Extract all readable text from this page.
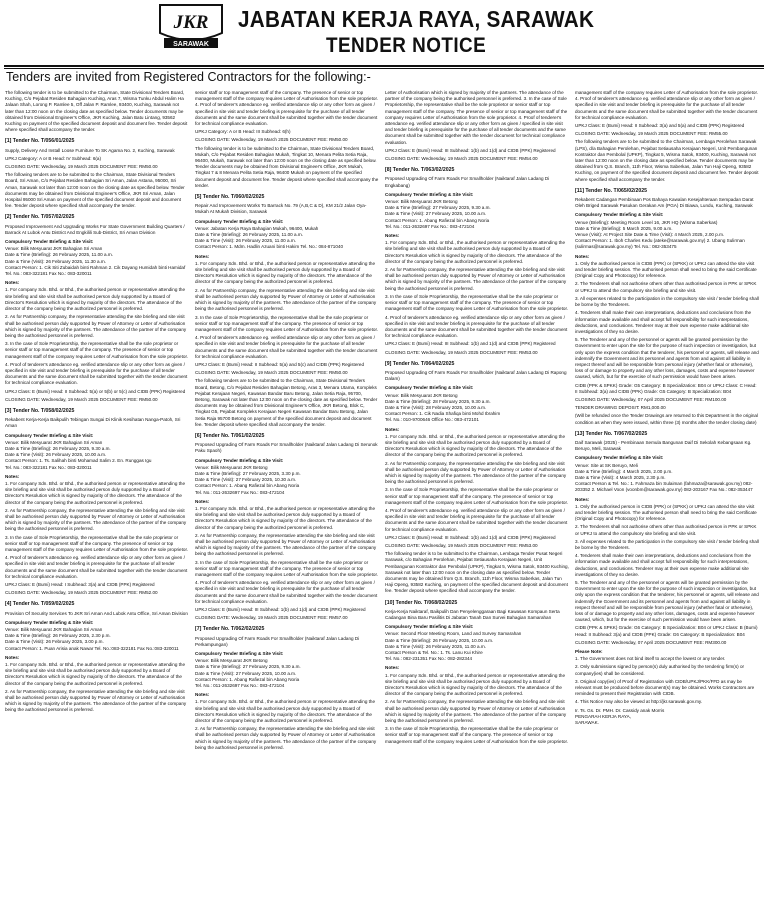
JKR
SARAWAK
JABATAN KERJA RAYA, SARAWAK
TENDER NOTICE
Tenders are invited from Registered Contractors for the following:-

The following tender is to be submitted to the Chairman, State Divisional Tenders Board, Kuching, C/o Pejabat Residen Bahagian Kuching, Aras 7, Wisma Tunku Abdul Halim Ha Jalaan Shah, Lorong P. Ramlee 5, Off Jalan P. Ramlee, 93400, Kuching, Sarawak not later than 12:00 noon on the closing date as specified below. Tender documents may be obtained from Divisional Engineer's Office, JKR Kuching, Jalan Batu Lintang, 93562 Kuching on payment of the specified document deposit and document fee. Tender deposit where specified shall accompany the tender.

[1] Tender No. T/056/01/2025

Supply, Delivery And Install Loose Furniture To SK Agama No. 2, Kuching, Sarawak

UPKJ Category: A or B Head: IV Subhead: 6(a)

CLOSING DATE: Wednesday, 19 March 2025 DOCUMENT FEE: RM50.00

The following tenders are to be submitted to the Chairman, State Divisional Tenders Board, Sri Aman, C/o Pejabat Residen Bahagian Sri Aman, Jalan Astana, 95000, Sri Aman, Sarawak not later than 12:00 noon on the closing date as specified below. Tender documents may be obtained from Divisional Engineer's Office, JKR Sri Aman, Jalan Hospital 95000 Sri Aman on payment of the specified document deposit and document fee. Tender deposit where specified shall accompany the tender.

[2] Tender No. T/057/02/2025

Proposed Improvement And Upgrading Works For State Government Building Quarters / Barrack At Lubok Antu District And Engkilili Sub-District, Sri Aman Division

Compulsory Tender Briefing & Site Visit:
Venue: Bilik Mesyuarat JKR Bahagian Sri Aman
Date & Time (Briefing): 26 February 2025, 11.00 a.m.
Date & Time (Visit): 26 February 2025, 11.30 a.m.
Contact Person: 1. Cik Siti Zubaidah binti Rahman 2. Cik Dayang Humidah binti Hamidaf
Tel. No.: 083-322181 Fax No.: 083-320011
Notes:

1. For company Sdn. Bhd. or Bhd., the authorised person or representative attending the site briefing and site visit shall be authorised person duly supported by a Board of Director's Resolution which is signed by majority of the directors. The attendance of the director of the company being the authorized personnel is preferred.

2. As for Partnership company, the representative attending the site briefing and site visit shall be authorised person duly supported by Power of Attorney or Letter of Authorisation which is signed by majority of the partners. The attendance of the partner of the company being the authorised personnel is preferred.

3. In the case of Sole Proprietorship, the representative shall be the sole proprietor or senior staff or top management staff of the company. The presence of senior or top management staff of the company requires Letter of Authorisation from the sole proprietor.

4. Proof of tenderer's attendance eg. verified attendance slip or any other form as given / specified in site visit and tender briefing is prerequisite for the purchase of all tender documents and the same document shall be submitted together with the tender document for technical compliance evaluation.

UPKJ Class: E (Bumi) Head: II Subhead: 5(a) or 5(b) or 5(c) and CIDB (PPK) Registered

CLOSING DATE: Wednesday, 19 March 2025 DOCUMENT FEE: RM50.00

[3] Tender No. T/058/02/2025

Rekabent Kerja-Kerja Baikpulih Tebingan Sungai Di Klinik Kesihatan Nanga-Patoh, Sri Aman

Compulsory Tender Briefing & Site Visit:
Venue: Bilik Mesyuarat JKR Bahagian Sri Aman
Date & Time (Briefing): 26 February 2025, 9.30 a.m.
Date & Time (Visit): 26 February 2025, 10.00 a.m.
Contact Person: 1. Ts. Salihah binti Mohamad Salim 2. En. Runggas Igu
Tel. No.: 083-322181 Fax No.: 083-320011
Notes:

1. For company Sdn. Bhd. or Bhd., the authorised person or representative attending the site briefing and site visit shall be authorised person duly supported by a Board of Director's Resolution which is signed by majority of the directors. The attendance of the director of the company being the authorized personnel is preferred.

2. As for Partnership company, the representative attending the site briefing and site visit shall be authorised person duly supported by Power of Attorney or Letter of Authorisation which is signed by majority of the partners. The attendance of the partner of the company being the authorised personnel is preferred.

3. In the case of Sole Proprietorship, the representative shall be the sole proprietor or senior staff or top management staff of the company. The presence of senior or top management staff of the company requires Letter of Authorisation from the sole proprietor.

4. Proof of tenderer's attendance eg. verified attendance slip or any other form as given / specified in site visit and tender briefing is prerequisite for the purchase of all tender documents and the same document shall be submitted together with the tender document for technical compliance evaluation.

UPKJ Class: E (Bumi) Head: I Subhead: 3(a) and CIDB (PPK) Registered

CLOSING DATE: Wednesday, 19 March 2025 DOCUMENT FEE: RM52.00

[4] Tender No. T/059/02/2025

Provision Of Security Services To JKR Sri Aman And Lubok Antu Office, Sri Aman Division

Compulsory Tender Briefing & Site Visit:
Venue: Bilik Mesyuarat JKR Bahagian Sri Aman
Date & Time (Briefing): 26 February 2025, 2.30 p.m.
Date & Time (Visit): 26 February 2025, 3.00 p.m.
Contact Person: 1. Puan Arisia anak Nawar Tel. No.:083-322181 Fax No.:083-320011
Notes:

1. For company Sdn. Bhd. or Bhd., the authorised person or representative attending the site briefing and site visit shall be authorised person duly supported by a Board of Director's Resolution which is signed by majority of the directors. The attendance of the director of the company being the authorized personnel is preferred.

2. As for Partnership company, the representative attending the site briefing and site visit shall be authorised person duly supported by Power of Attorney or Letter of Authorisation which is signed by majority of the partners. The attendance of the partner of the company being the authorised personnel is preferred.

senior staff or top management staff of the company. The presence of senior or top management staff of the company requires Letter of Authorisation from the sole proprietor. 4. Proof of tenderer's attendance eg. verified attendance slip or any other form as given / specified in site visit and tender briefing is prerequisite for the purchase of all tender documents and the same document shall be submitted together with the tender document for technical compliance evaluation.

UPKJ Category: A or B Head: III Subhead: 6(h)

CLOSING DATE: Wednesday, 19 March 2025 DOCUMENT FEE: RM50.00

The following tender is to be submitted to the Chairman, State Divisional Tenders Board, Mukah, C/o Pejabat Residen Bahagian Mukah, Tingkat 10, Menara Pelita Setia Raja, 96400, Mukah, Sarawak not later than 12:00 noon on the closing date as specified below. Tender documents may be obtained from Divisional Engineer's Office, JKR Mukah, Tingkat 7 & 8 Menara Pelita Setia Raja, 96400 Mukah on payment of the specified document deposit and document fee. Tender deposit where specified shall accompany the tender.

[5] Tender No. T/060/02/2025

Repair And Improvement Works To Barrack No. 79 (A,B,C & D), KM 21/2 Jalan Oya-Mukah At Mukah Division, Sarawak

Compulsory Tender Briefing & Site Visit:
Venue: Jabatan Kerja Raya Bahagian Mukah, 96400, Mukah
Date & Time (Briefing): 26 February 2025, 11.00 a.m.
Date & Time (Visit): 26 February 2025, 11.00 a.m.
Contact Person: 1. Mdm. Hadlin Azuani binti Hakim Tel. No.: 084-871040
Notes:

1. For company Sdn. Bhd. or Bhd., the authorised person or representative attending the site briefing and site visit shall be authorised person duly supported by a Board of Director's Resolution which is signed by majority of the directors. The attendance of the director of the company being the authorized personnel is preferred.

2. As for Partnership company, the representative attending the site briefing and site visit shall be authorised person duly supported by Power of Attorney or Letter of Authorisation which is signed by majority of the partners. The attendance of the partner of the company being the authorised personnel is preferred.

3. In the case of Sole Proprietorship, the representative shall be the sole proprietor or senior staff or top management staff of the company. The presence of senior or top management staff of the company requires Letter of Authorisation from the sole proprietor.

4. Proof of tenderer's attendance eg. verified attendance slip or any other form as given / specified in site visit and tender briefing is prerequisite for the purchase of all tender documents and the same document shall be submitted together with the tender document for technical compliance evaluation.

UPKJ Class: E (Bumi) Head: II Subhead: 5(a) and 5(c) and CIDB (PPK) Registered

CLOSING DATE: Wednesday, 19 March 2025 DOCUMENT FEE: RM50.00

The following tenders are to be submitted to the Chairman, State Divisional Tenders Board, Betong, C/o Pejabat Residen Bahagian Betong, Aras 3, Menara Utama, Kompleks Pejabat Kerajaan Negeri, Kawasan Bandar Baru Betong, Jalan Setia Raja, 95700, Betong, Sarawak not later than 12:00 noon on the closing date as specified below. Tender documents may be obtained from Divisional Engineer's Office, JKR Betong, Blok C, Tingkat G5, Pejabat Kompleks Kerajaan Negeri Kawasan Bandar Baru Betong, Jalan Setia Raja 95700 Betong on payment of the specified document deposit and document fee. Tender deposit where specified shall accompany the tender.

[6] Tender No. T/061/02/2025

Proposed Upgrading Of Farm Roads For Smallholder (Naiktaraf Jalan Ladang Di Serunok Paku Spaoh)

Compulsory Tender Briefing & Site Visit:
Venue: Bilik Mesyuarat JKR Betong
Date & Time (Briefing): 27 February 2025, 3.30 p.m.
Date & Time (Visit): 27 February 2025, 10.30 a.m.
Contact Person: 1. Abang Rafiezal bin Abang Noria
Tel. No.: 011-2632697 Fax No.: 083-472104
Notes:

1. For company Sdn. Bhd. or Bhd., the authorised person or representative attending the site briefing and site visit shall be authorised person duly supported by a Board of Director's Resolution which is signed by majority of the directors. The attendance of the director of the company being the authorized personnel is preferred.

2. As for Partnership company, the representative attending the site briefing and site visit shall be authorised person duly supported by Power of Attorney or Letter of Authorisation which is signed by majority of the partners. The attendance of the partner of the company being the authorised personnel is preferred.

3. In the case of Sole Proprietorship, the representative shall be the sole proprietor or senior staff or top management staff of the company. The presence of senior or top management staff of the company requires Letter of Authorisation from the sole proprietor.

4. Proof of tenderer's attendance eg. verified attendance slip or any other form as given / specified in site visit and tender briefing is prerequisite for the purchase of all tender documents and the same document shall be submitted together with the tender document for technical compliance evaluation.

UPKJ Class: E (Bumi) Head: III Subhead: 1(b) and 1(d) and CIDB (PPK) Registered

CLOSING DATE: Wednesday, 19 March 2025 DOCUMENT FEE: RM57.00

[7] Tender No. T/062/02/2025

Proposed Upgrading Of Farm Roads For Smallholder (Naiktaraf Jalan Ladang Di Perkampungan)

Compulsory Tender Briefing & Site Visit:
Venue: Bilik Mesyuarat JKR Betong
Date & Time (Briefing): 27 February 2025, 9.30 a.m.
Date & Time (Visit): 27 February 2025, 10.00 a.m.
Contact Person: 1. Abang Rafiezal bin Abang Noria
Tel. No.: 011-2632697 Fax No.: 083-472104
Notes:

1. For company Sdn. Bhd. or Bhd., the authorised person or representative attending the site briefing and site visit shall be authorised person duly supported by a Board of Director's Resolution which is signed by majority of the directors. The attendance of the director of the company being the authorized personnel is preferred.

2. As for Partnership company, the representative attending the site briefing and site visit shall be authorised person duly supported by Power of Attorney or Letter of Authorisation which is signed by majority of the partners. The attendance of the partner of the company being the authorised personnel is preferred.

Letter of Authorisation which is signed by majority of the partners. The attendance of the partner of the company being the authorised personnel is preferred. 3. In the case of Sole Proprietorship, the representative shall be the sole proprietor or senior staff or top management staff of the company. The presence of senior or top management staff of the company requires Letter of Authorisation from the sole proprietor. 4. Proof of tenderer's attendance eg. verified attendance slip or any other form as given / specified in site visit and tender briefing is prerequisite for the purchase of all tender documents and the same document shall be submitted together with the tender document for technical compliance evaluation.

UPKJ Class: E (Bumi) Head: III Subhead: 1(b) and 1(d) and CIDB (PPK) Registered

CLOSING DATE: Wednesday, 19 March 2025 DOCUMENT FEE: RM54.00

[8] Tender No. T/063/02/2025

Proposed Upgrading Of Farm Roads For Smallholder (Naiktaraf Jalan Ladang Di Engkabang)

Compulsory Tender Briefing & Site Visit:
Venue: Bilik Mesyuarat JKR Betong
Date & Time (Briefing): 27 February 2025, 9.30 a.m.
Date & Time (Visit): 27 February 2025, 10.00 a.m.
Contact Person: 1. Abang Rafiezal bin Abang Noria
Tel. No.: 011-2632697 Fax No.: 083-472104
Notes:

1. For company Sdn. Bhd. or Bhd., the authorised person or representative attending the site briefing and site visit shall be authorised person duly supported by a Board of Director's Resolution which is signed by majority of the directors. The attendance of the director of the company being the authorized personnel is preferred.

2. As for Partnership company, the representative attending the site briefing and site visit shall be authorised person duly supported by Power of Attorney or Letter of Authorisation which is signed by majority of the partners. The attendance of the partner of the company being the authorised personnel is preferred.

3. In the case of Sole Proprietorship, the representative shall be the sole proprietor or senior staff or top management staff of the company. The presence of senior or top management staff of the company requires Letter of Authorisation from the sole proprietor.

4. Proof of tenderer's attendance eg. verified attendance slip or any other form as given / specified in site visit and tender briefing is prerequisite for the purchase of all tender documents and the same document shall be submitted together with the tender document for technical compliance evaluation.

UPKJ Class: E (Bumi) Head: III Subhead: 1(b) and 1(d) and CIDB (PPK) Registered

CLOSING DATE: Wednesday, 19 March 2025 DOCUMENT FEE: RM53.00

[9] Tender No. T/064/02/2025

Proposed Upgrading Of Farm Roads For Smallholder (Naiktaraf Jalan Ladang Di Rapong Dalam)

Compulsory Tender Briefing & Site Visit:
Venue: Bilik Mesyuarat JKR Betong
Date & Time (Briefing): 28 February 2025, 9.30 a.m.
Date & Time (Visit): 28 February 2025, 10.00 a.m.
Contact Person: 1. Cik Nadia Shafiqa binti Mohd Ibrahim
Tel. No.: 010-9700646 Office No.: 083-472101
Notes:

1. For company Sdn. Bhd. or Bhd., the authorised person or representative attending the site briefing and site visit shall be authorised person duly supported by a Board of Director's Resolution which is signed by majority of the directors. The attendance of the director of the company being the authorized personnel is preferred.

2. As for Partnership company, the representative attending the site briefing and site visit shall be authorised person duly supported by Power of Attorney or Letter of Authorisation which is signed by majority of the partners. The attendance of the partner of the company being the authorised personnel is preferred.

3. In the case of Sole Proprietorship, the representative shall be the sole proprietor or senior staff or top management staff of the company. The presence of senior or top management staff of the company requires Letter of Authorisation from the sole proprietor.

4. Proof of tenderer's attendance eg. verified attendance slip or any other form as given / specified in site visit and tender briefing is prerequisite for the purchase of all tender documents and the same document shall be submitted together with the tender document for technical compliance evaluation.

UPKJ Class: E (Bumi) Head: III Subhead: 1(b) and 1(d) and CIDB (PPK) Registered

CLOSING DATE: Wednesday, 19 March 2025 DOCUMENT FEE: RM53.00

The following tender is to be submitted to the Chairman, Lembaga Tender Pusat Negeri Sarawak, c/o Bahagian Perolehan, Pejabat Setiausaha Kerajaan Negeri, Unit Pembangunan Kontraktor dan Pembolal (UPKP), Tingkat 5, Wisma Satok, 93400 Kuching, Sarawak not later than 12:00 noon on the closing date as specified below. Tender documents may be obtained from Q.S. Branch, 11th Floor, Wisma Saberkas, Jalan Tun Haji Openg, 93582 Kuching, on payment of the specified document deposit and document fee. Tender deposit where specified shall accompany the tender.

[10] Tender No. T/068/02/2025

Kerja-Kerja Naiktaraf, Baikpulih Dan Penyelenggaraan Bagi Kawasan Kompaun Serta Cadangan Bina Baru Pasilitis Di Jabatan Tanah Dan Survei Bahagian Samarahan

Compulsory Tender Briefing & Site Visit:
Venue: Second Floor Meeting Room, Land and Survey Samarahan
Date & Time (Briefing): 26 February 2025, 10.00 a.m.
Date & Time (Visit): 26 February 2025, 11.00 a.m.
Contact Person & Tel. No.: 1. Ts. Lanu Kui Khire
Tel. No.: 082-231351 Fax No.: 082-282344
Notes:

1. For company Sdn. Bhd. or Bhd., the authorised person or representative attending the site briefing and site visit shall be authorised person duly supported by a Board of Director's Resolution which is signed by majority of the directors. The attendance of the director of the company being the authorized personnel is preferred.

2. As for Partnership company, the representative attending the site briefing and site visit shall be authorised person duly supported by Power of Attorney or Letter of Authorisation which is signed by majority of the partners. The attendance of the partner of the company being the authorised personnel is preferred.

3. In the case of Sole Proprietorship, the representative shall be the sole proprietor or senior staff or top management staff of the company. The presence of senior or top management staff of the company requires Letter of Authorisation from the sole proprietor.

management staff of the company requires Letter of Authorisation from the sole proprietor. 4. Proof of tenderer's attendance eg. verified attendance slip or any other form as given / specified in site visit and tender briefing is prerequisite for the purchase of all tender documents and the same document shall be submitted together with the tender document for technical compliance evaluation.

UPKJ Class: E (Bumi) Head: II Subhead: 3(a) and 5(a) and CIDB (PPK) Registered

CLOSING DATE: Wednesday, 19 March 2025 DOCUMENT FEE: RM55.00

The following tenders are to be submitted to the Chairman, Lembaga Perolehan Sarawak (LPS), d/a Bahagian Perolehan, Pejabat Setiausaha Kerajaan Negeri, Unit Pembangunan Kontraktor dan Pembolal (UPKP), Tingkat 5, Wisma Satok, 93400, Kuching, Sarawak not later than 12:00 noon on the closing date as specified below. Tender documents may be obtained from Q.S. Branch, 11th Floor, Wisma Saberkas, Jalan Tun Haji Openg, 93582 Kuching, on payment of the specified document deposit and document fee. Tender deposit where specified shall accompany the tender.

[11] Tender No. T/065/02/2025

Rekabent Cadangan Pembinaan Pos Bahaya Kawalan Kesejahteraan Sempadan Darat Oleh Briged Sarawak Pasukan Gerakan Am (PGA) Di Biawa, Lundu, Kuching, Sarawak

Compulsory Tender Briefing & Site Visit:
Venue (Briefing): Meeting Room Level 16, JKR HQ (Wisma Saberkas)
Date & Time (Briefing): 5 March 2025, 9.00 a.m.
Venue (Visit): At Project Site Date & Time (Visit): 4 March 2025, 2.00 p.m.
Contact Person: 1. Iboh Charles Kedu (ateke@sarawak.gov.my) 2. Ubang Sulirman (sulirmas@sarawak.gov.my) Tel. No.: 082-353475
Notes:

1. Only the authorised person in CIDB (PPK) or (SPKK) or UPKJ can attend the site visit and tender briefing session. The authorised person shall need to bring the said Certificate (Original Copy and Photocopy) for reference.

2. The Tenderers shall not authorise others other than authorised person in PPK or SPKK or UPKJ to attend the compulsory site briefing and site visit.

3. All expenses related to the participation in the compulsory site visit / tender briefing shall be borne by the Tenderers.

4. Tenderers shall make their own interpretations, deductions and conclusions from the information made available and shall accept full responsibility for such interpretations, deductions, and conclusions. Tenderer may at their own expense make additional site investigations of they so desire.

5. The Tenderer and any of the personnel or agents will be granted permission by the Government to enter upon the site for the purpose of such inspection or investigation, but only upon the express condition that the tenderer, his personnel or agents, will release and indemnify the Government and its personnel and agents from and against all liability in respect thereof and will be responsible from personal injury (whether fatal or otherwise), loss of or damage to property and any other loss, damages, costs and expense however caused, which, but for the exercise of such permission would have been arisen.

CIDB (PPK & SPKK) Grade: G5 Category: B Specialization: B04 or UPKJ Class: C Head: II Subhead: 3(a) and CIDB (PPK) Grade: G5 Category: B Specialization: B04

CLOSING DATE: Wednesday, 07 April 2025 DOCUMENT FEE: RM100.00

TENDER DRAWING DEPOSIT: RM1,000.00

(Will be refunded once the Tender Drawings are returned to this Department in the original condition as when they were issued, within three (3) months after the tender closing date)

[13] Tender No. T/067/02/2025

Daif Sarawak (2025) - Pembinaan Semula Bangunan Daif Di Sekolah Kebangsaan Kg. Beruyo, Meli, Sarawak

Compulsory Tender Briefing & Site Visit:
Venue: Site at SK Beruyo, Meli
Date & Time (Briefing): 4 March 2025, 2.00 p.m.
Date & Time (Visit): 4 March 2025, 2.30 p.m.
Contact Person & Tel. No.: 1. Fahmaza bin Sulaiman (fahmaza@sarawak.gov.my) 082-203352 2. Michael Voon (voonbm@sarawak.gov.my) 082-203167 Fax No.: 082-353447
Notes:

1. Only the authorised person in CIDB (PPK) or (SPKK) or UPKJ can attend the site visit and tender briefing session. The authorised person shall need to bring the said Certificate (Original Copy and Photocopy) for reference.

2. The Tenderers shall not authorise others other than authorised person in PPK or SPKK or UPKJ to attend the compulsory site briefing and site visit.

3. All expenses related to the participation in the compulsory site visit / tender briefing shall be borne by the Tenderers.

4. Tenderers shall make their own interpretations, deductions and conclusions from the information made available and shall accept full responsibility for such interpretations, deductions, and conclusions. Tenderer may at their own expense make additional site investigations of they so desire.

5. The Tenderer and any of the personnel or agents will be granted permission by the Government to enter upon the site for the purpose of such inspection or investigation, but only upon the express condition that the tenderer, his personnel or agents, will release and indemnify the Government and its personnel and agents from and against all liability in respect thereof and will be responsible from personal injury (whether fatal or otherwise), loss of or damage to property and any other loss, damages, costs and expense however caused, which, but for the exercise of such permission would have been arisen.

CIDB (PPK & SPKK) Grade: G6 Category: B Specialization: B04 or UPKJ Class: B (Bumi) Head: II Subhead: 3(a) and CIDB (PPK) Grade: G6 Category: B Specialization: B04

CLOSING DATE: Wednesday, 07 April 2025 DOCUMENT FEE: RM300.00

Please Note:

1. The Government does not bind itself to accept the lowest or any tender.

2. Only submissions signed by person(s) duly authorised by the tendering firm(s) or company(ies) shall be considered.

3. Original copy(ies) of Proof of Registration with CIDB/UPKJ/PKK/FFD as may be relevant must be produced before document(s) may be obtained. Works Contractors are reminded to present their Registration with CIDB.

4. This Notice may also be viewed at http://jkr.sarawak.gov.my.

Ir. Ts. Gs. Dr. PMH. Dr. Cassidy anak Morris
PENGARAH KERJA RAYA,
SARAWAK.
